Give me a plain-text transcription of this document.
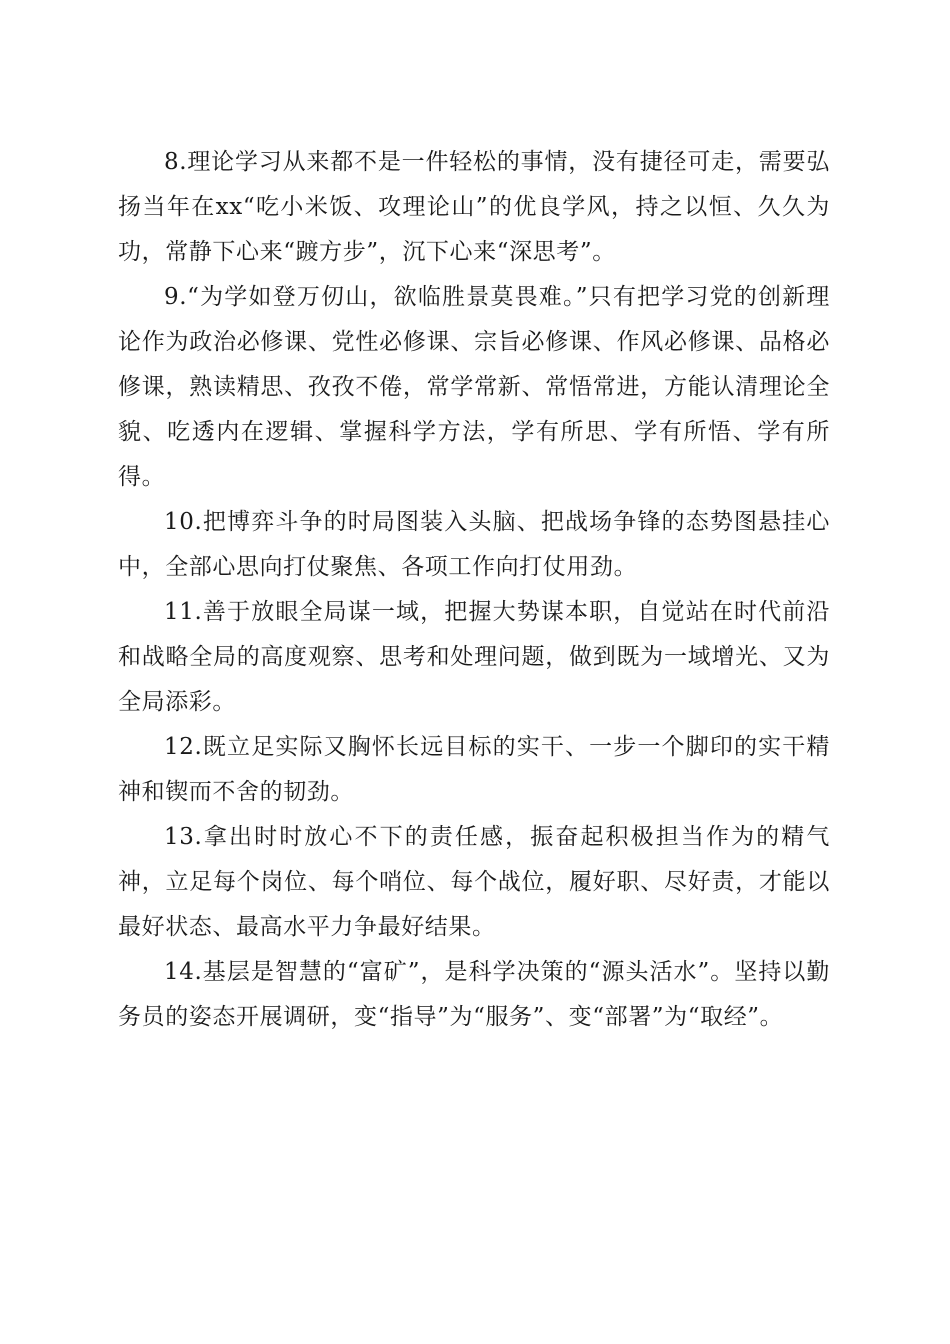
8.理论学习从来都不是一件轻松的事情，没有捷径可走，需要弘扬当年在xx“吃小米饭、攻理论山”的优良学风，持之以恒、久久为功，常静下心来“踱方步”，沉下心来“深思考”。

9.“为学如登万仞山，欲临胜景莫畏难。”只有把学习党的创新理论作为政治必修课、党性必修课、宗旨必修课、作风必修课、品格必修课，熟读精思、孜孜不倦，常学常新、常悟常进，方能认清理论全貌、吃透内在逻辑、掌握科学方法，学有所思、学有所悟、学有所得。

10.把博弈斗争的时局图装入头脑、把战场争锋的态势图悬挂心中，全部心思向打仗聚焦、各项工作向打仗用劲。

11.善于放眼全局谋一域，把握大势谋本职，自觉站在时代前沿和战略全局的高度观察、思考和处理问题，做到既为一域增光、又为全局添彩。

12.既立足实际又胸怀长远目标的实干、一步一个脚印的实干精神和锲而不舍的韧劲。

13.拿出时时放心不下的责任感，振奋起积极担当作为的精气神，立足每个岗位、每个哨位、每个战位，履好职、尽好责，才能以最好状态、最高水平力争最好结果。

14.基层是智慧的“富矿”，是科学决策的“源头活水”。坚持以勤务员的姿态开展调研，变“指导”为“服务”、变“部署”为“取经”。
